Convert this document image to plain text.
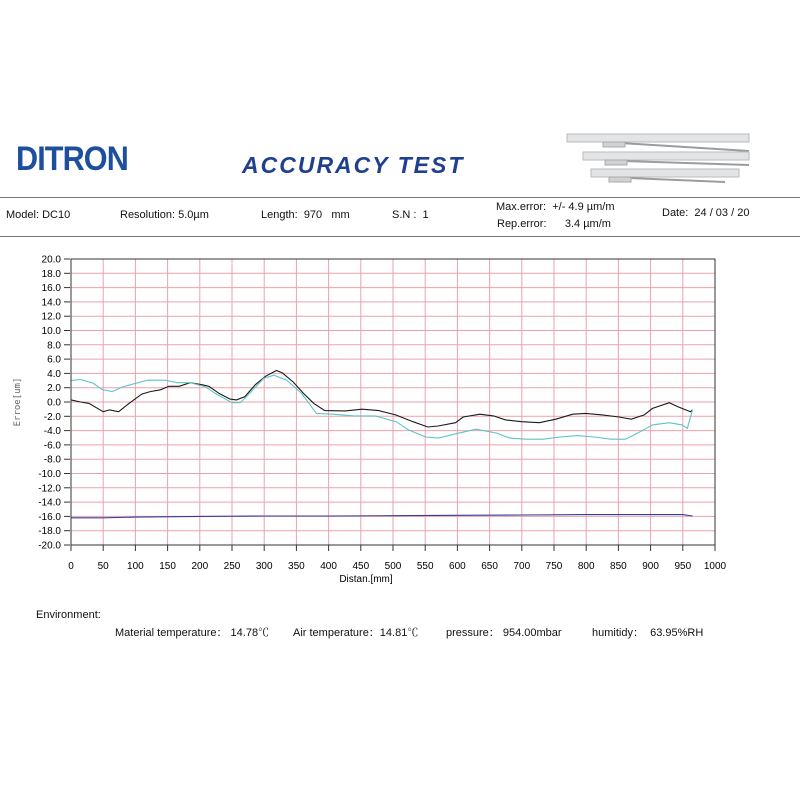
DITRON	ACCURACY TEST
Model: DC10	Resolution: 5.0µm	Length:  970   mm	S.N :  1
Max.error:  +/- 4.9 µm/m
Rep.error:      3.4 µm/m
Date:  24 / 03 / 20
20.0
18.0
16.0
14.0
12.0
10.0
8.0
6.0
4.0
2.0
0.0
-2.0
-4.0
-6.0
-8.0
-10.0
-12.0
-14.0
-16.0
-18.0
-20.0
0 50 100 150 200 250 300 350 400 450 500 550 600 650 700 750 800 850 900 950 1000
Distan.[mm]
Erroe[um]
Environment:
Material temperature： 14.78℃ Air temperature：14.81℃	pressure： 954.00mbar	humitidy：  63.95%RH
